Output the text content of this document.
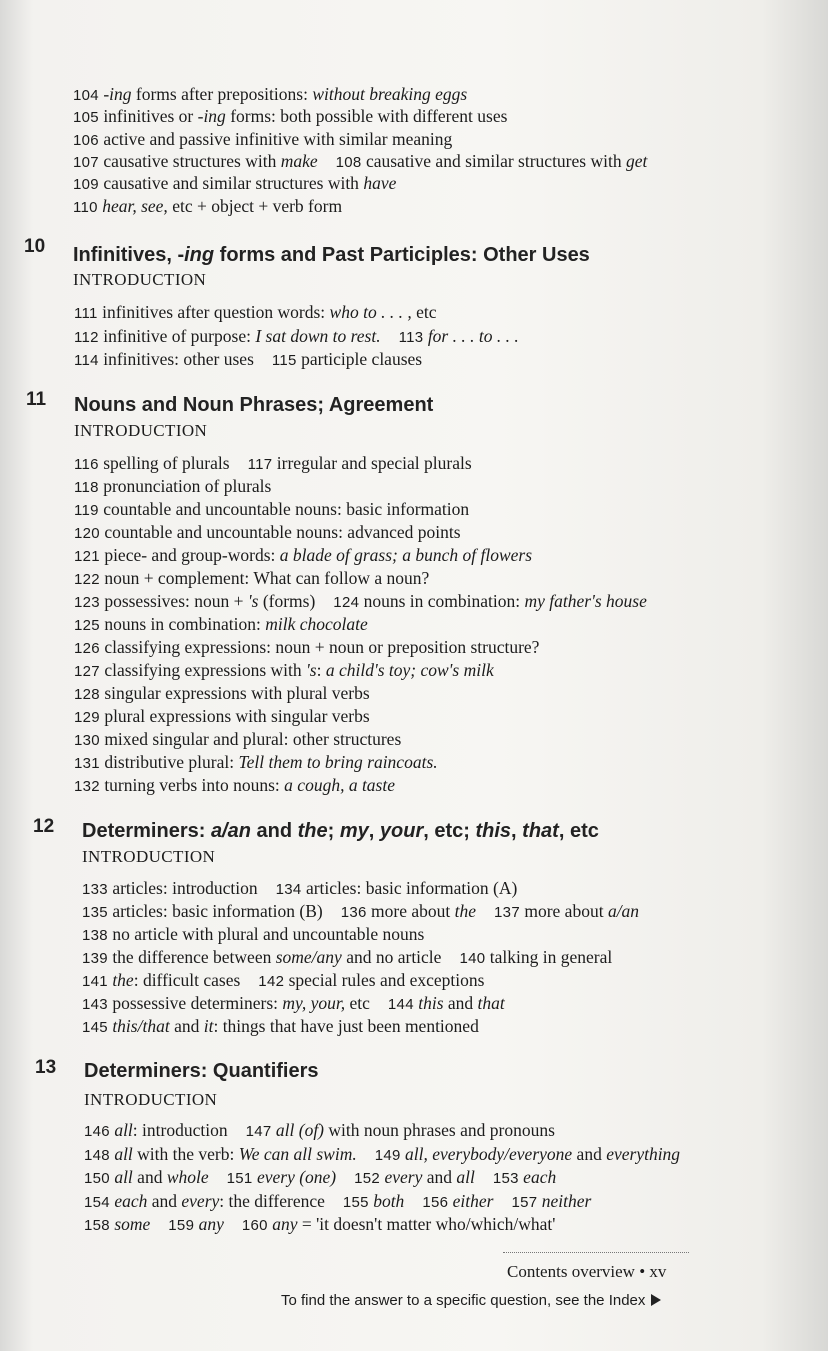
104 -ing forms after prepositions: without breaking eggs
105 infinitives or -ing forms: both possible with different uses
106 active and passive infinitive with similar meaning
107 causative structures with make 108 causative and similar structures with get
109 causative and similar structures with have
110 hear, see, etc + object + verb form
10 Infinitives, -ing forms and Past Participles: Other Uses
INTRODUCTION
111 infinitives after question words: who to . . . , etc
112 infinitive of purpose: I sat down to rest. 113 for . . . to . . .
114 infinitives: other uses 115 participle clauses
11 Nouns and Noun Phrases; Agreement
INTRODUCTION
116 spelling of plurals 117 irregular and special plurals
118 pronunciation of plurals
119 countable and uncountable nouns: basic information
120 countable and uncountable nouns: advanced points
121 piece- and group-words: a blade of grass; a bunch of flowers
122 noun + complement: What can follow a noun?
123 possessives: noun + 's (forms) 124 nouns in combination: my father's house
125 nouns in combination: milk chocolate
126 classifying expressions: noun + noun or preposition structure?
127 classifying expressions with 's: a child's toy; cow's milk
128 singular expressions with plural verbs
129 plural expressions with singular verbs
130 mixed singular and plural: other structures
131 distributive plural: Tell them to bring raincoats.
132 turning verbs into nouns: a cough, a taste
12 Determiners: a/an and the; my, your, etc; this, that, etc
INTRODUCTION
133 articles: introduction 134 articles: basic information (A)
135 articles: basic information (B) 136 more about the 137 more about a/an
138 no article with plural and uncountable nouns
139 the difference between some/any and no article 140 talking in general
141 the: difficult cases 142 special rules and exceptions
143 possessive determiners: my, your, etc 144 this and that
145 this/that and it: things that have just been mentioned
13 Determiners: Quantifiers
INTRODUCTION
146 all: introduction 147 all (of) with noun phrases and pronouns
148 all with the verb: We can all swim. 149 all, everybody/everyone and everything
150 all and whole 151 every (one) 152 every and all 153 each
154 each and every: the difference 155 both 156 either 157 neither
158 some 159 any 160 any = 'it doesn't matter who/which/what'
Contents overview • xv
To find the answer to a specific question, see the Index
